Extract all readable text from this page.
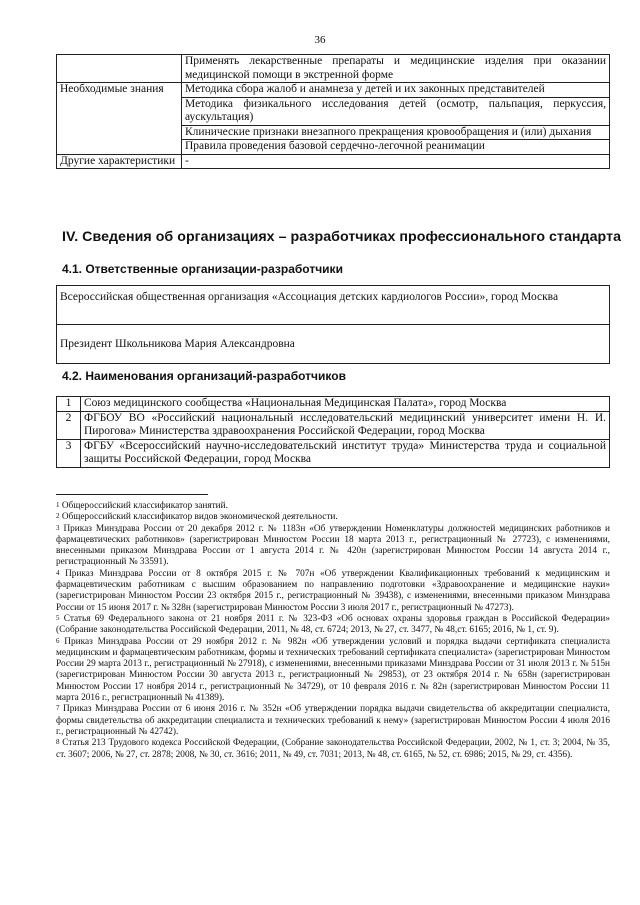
36
	Применять лекарственные препараты и медицинские изделия при оказании медицинской помощи в экстренной форме
Необходимые знания	Методика сбора жалоб и анамнеза у детей и их законных представителей
	Методика физикального исследования детей (осмотр, пальпация, перкуссия, аускультация)
	Клинические признаки внезапного прекращения кровообращения и (или) дыхания
	Правила проведения базовой сердечно-легочной реанимации
Другие характеристики	-
IV. Сведения об организациях – разработчиках профессионального стандарта
4.1. Ответственные организации-разработчики
Всероссийская общественная организация «Ассоциация детских кардиологов России», город Москва
Президент Школьникова Мария Александровна
4.2. Наименования организаций-разработчиков
1	Союз медицинского сообщества «Национальная Медицинская Палата», город Москва
2	ФГБОУ ВО «Российский национальный исследовательский медицинский университет имени Н. И. Пирогова» Министерства здравоохранения Российской Федерации, город Москва
3	ФГБУ «Всероссийский научно-исследовательский институт труда» Министерства труда и социальной защиты Российской Федерации, город Москва

$^1$ Общероссийский классификатор занятий.

$^2$ Общероссийский классификатор видов экономической деятельности.

$^3$ Приказ Минздрава России от 20 декабря 2012 г. № 1183н «Об утверждении Номенклатуры должностей медицинских работников и фармацевтических работников» (зарегистрирован Минюстом России 18 марта 2013 г., регистрационный № 27723), с изменениями, внесенными приказом Минздрава России от 1 августа 2014 г. № 420н (зарегистрирован Минюстом России 14 августа 2014 г., регистрационный № 33591).

$^4$ Приказ Минздрава России от 8 октября 2015 г. № 707н «Об утверждении Квалификационных требований к медицинским и фармацевтическим работникам с высшим образованием по направлению подготовки «Здравоохранение и медицинские науки» (зарегистрирован Минюстом России 23 октября 2015 г., регистрационный № 39438), с изменениями, внесенными приказом Минздрава России от 15 июня 2017 г. № 328н (зарегистрирован Минюстом России 3 июля 2017 г., регистрационный № 47273).

$^5$ Статья 69 Федерального закона от 21 ноября 2011 г. № 323-ФЗ «Об основах охраны здоровья граждан в Российской Федерации» (Собрание законодательства Российской Федерации, 2011, № 48, ст. 6724; 2013, № 27, ст. 3477, № 48,ст. 6165; 2016, № 1, ст. 9).

$^6$ Приказ Минздрава России от 29 ноября 2012 г. № 982н «Об утверждении условий и порядка выдачи сертификата специалиста медицинским и фармацевтическим работникам, формы и технических требований сертификата специалиста» (зарегистрирован Минюстом России 29 марта 2013 г., регистрационный № 27918), с изменениями, внесенными приказами Минздрава России от 31 июля 2013 г. № 515н (зарегистрирован Минюстом России 30 августа 2013 г., регистрационный № 29853), от 23 октября 2014 г. № 658н (зарегистрирован Минюстом России 17 ноября 2014 г., регистрационный № 34729), от 10 февраля 2016 г. № 82н (зарегистрирован Минюстом России 11 марта 2016 г., регистрационный № 41389).

$^7$ Приказ Минздрава России от 6 июня 2016 г. № 352н «Об утверждении порядка выдачи свидетельства об аккредитации специалиста, формы свидетельства об аккредитации специалиста и технических требований к нему» (зарегистрирован Минюстом России 4 июля 2016 г., регистрационный № 42742).

$^8$ Статья 213 Трудового кодекса Российской Федерации, (Собрание законодательства Российской Федерации, 2002, № 1, ст. 3; 2004, № 35, ст. 3607; 2006, № 27, ст. 2878; 2008, № 30, ст. 3616; 2011, № 49, ст. 7031; 2013, № 48, ст. 6165, № 52, ст. 6986; 2015, № 29, ст. 4356).
